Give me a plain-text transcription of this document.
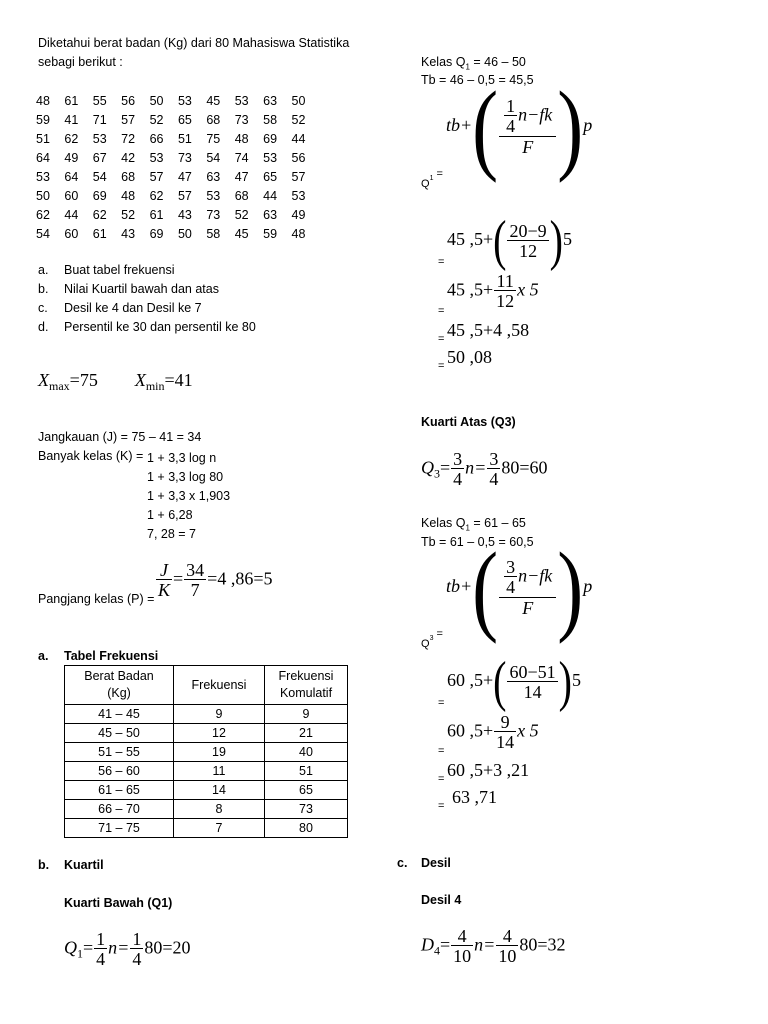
Diketahui berat badan (Kg) dari 80 Mahasiswa Statistika
sebagi berikut :
48 61 55 56 50 53 45 53 63 50
59 41 71 57 52 65 68 73 58 52
51 62 53 72 66 51 75 48 69 44
64 49 67 42 53 73 54 74 53 56
53 64 54 68 57 47 63 47 65 57
50 60 69 48 62 57 53 68 44 53
62 44 62 52 61 43 73 52 63 49
54 60 61 43 69 50 58 45 59 48
a. Buat tabel frekuensi
b. Nilai Kuartil bawah dan atas
c. Desil ke 4 dan Desil ke 7
d. Persentil ke 30 dan persentil ke 80
$X_{max}=75$ $X_{min}=41$
Jangkauan (J) = 75 – 41 = 34
Banyak kelas (K) = 1 + 3,3 log n
1 + 3,3 log 80
1 + 3,3 x 1,903
1 + 6,28
7, 28 = 7
Pangjang kelas $(P) = \frac{J}{K} = \frac{34}{7} =4$ ,86=5
a. Tabel Frekuensi
Berat Badan
(Kg)	Frekuensi	Frekuensi
Komulatif
41 – 45	9	9
45 – 50	12	21
51 – 55	19	40
56 – 60	11	51
61 – 65	14	65
66 – 70	8	73
71 – 75	7	80
b. Kuartil
Kuarti Bawah (Q1)
$Q_1= \frac{1}{4} n= \frac{1}{4} 80=20$
Kelas $Q_1 = 46 - 50$
Tb = 46 – 0,5 = 45,5
$tb+( \frac{\frac{1}{4} n-fk}{F} )p$
$Q_1$ =
=
45 $,5+( \frac{20-9}{12} )5$
=
45 $,5+ \frac{11}{12}$ x 5
= 45 ,5+4 ,58
= 50 ,08
Kuarti Atas (Q3)
$Q_3= \frac{3}{4} n= \frac{3}{4} 80=60$
Kelas $Q_1 = 61 - 65$
Tb = 61 – 0,5 = 60,5
$tb+( \frac{\frac{3}{4} n-fk}{F} )p$
$Q_3$ =
=
60 $,5+( \frac{60-51}{14} )5$
=
60 $,5+ \frac{9}{14}$ x 5
= 60 ,5+3 ,21
= 63 ,71
c. Desil
Desil 4
$D_4= \frac{4}{10} n= \frac{4}{10} 80=32$
